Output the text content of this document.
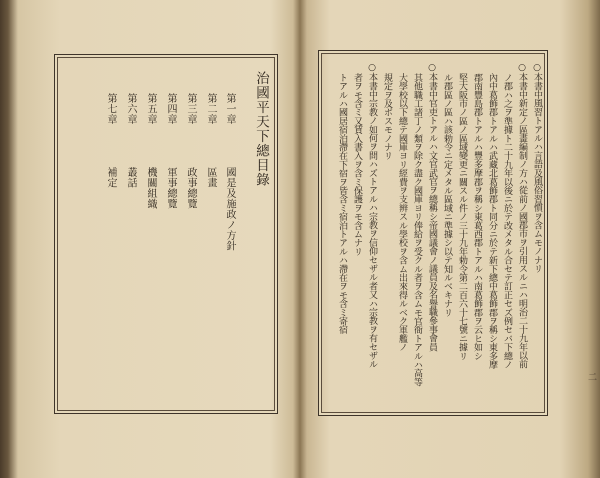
治國平天下總目錄
第一章
國是及施政ノ方針
第二章
區畫
第三章
政事總覽
第四章
軍事總覽
第五章
機關組織
第六章
叢話
第七章
補定	○本書中風習トアルハ言語及風俗習慣ヲ含ムモノナリ
○本書中新定ノ區畫編制ノ方ハ從前ノ國郡市ヲ引用スルニハ明治二十九年以前
ノ郡ハ之ヲ準據ト二十九年以後ニ於テ改メタル合セテ訂正セズ例セバ下總ノ
內中葛飾郡トアルハ武藏北葛飾郡ト同分ニ於テ新下總中葛飾郡ヲ稱シ東多摩
郡南豐島郡トアルハ豐多摩郡ヲ稱シ東葛西郡トアルハ南葛飾郡ヲ云ヒ如シ
堅大阪市ノ區ノ區域變更ニ關スル件ノ三十九年勅令第二百六十七號ニ據リ
ル郡區ノ區ハ該勅令ニ定メタル區域ニ準據シ以テ知ルベキナリ
○本書中官吏トアルハ文官武官ヲ總稱シ帝國議會ノ議員及名譽職參事會員
其他職工諸丁ノ類ヲ除ク盡ク國庫ヨリ俸給ヲ受クル者ヲ含ムモ官衙トアルハ高等
大學校以下總テ國庫ヨリ經費ヲ支辨スル學校ヲ含ム出來得ルベク軍艦ノ
規定ヲ及ボスモノナリ
○本書中宗教ノ如何ヲ問ハズトアルハ宗教ヲ信仰セザル者又ハ宗教ヲ有セザル
者ヲモ含ミ又賃入書入ヲ含ミ保護ヲモ含ムナリ
トアルハ國居宿泊滯在下宿ヲ皆含ミ宿泊トアルハ滯在ヲモ含ミ寄宿
二
